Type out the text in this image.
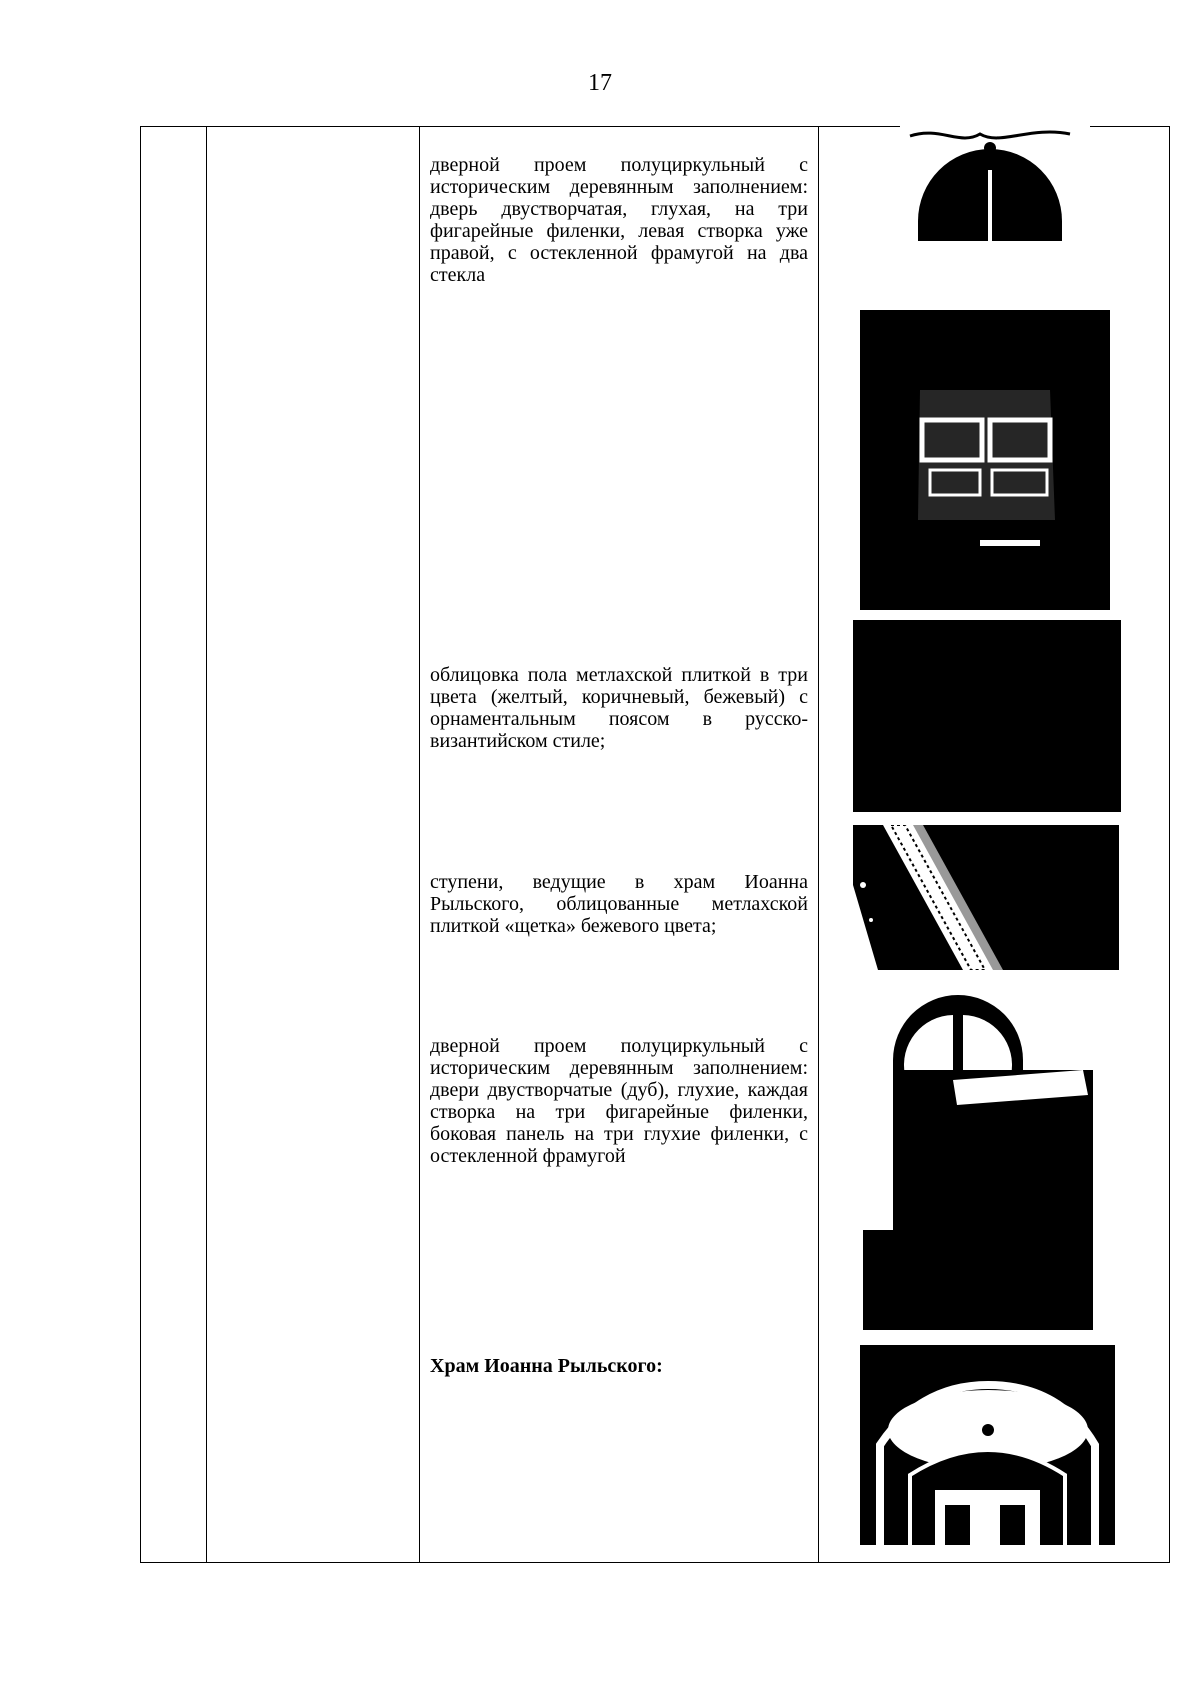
17
дверной проем полуциркульный с историческим деревянным заполнением: дверь двустворчатая, глухая, на три фигарейные филенки, левая створка уже правой, с остекленной фрамугой на два стекла
облицовка пола метлахской плиткой в три цвета (желтый, коричневый, бежевый) с орнаментальным поясом в русско-византийском стиле;
ступени, ведущие в храм Иоанна Рыльского, облицованные метлахской плиткой «щетка» бежевого цвета;
дверной проем полуциркульный с историческим деревянным заполнением: двери двустворчатые (дуб), глухие, каждая створка на три фигарейные филенки, боковая панель на три глухие филенки, с остекленной фрамугой
Храм Иоанна Рыльского:
